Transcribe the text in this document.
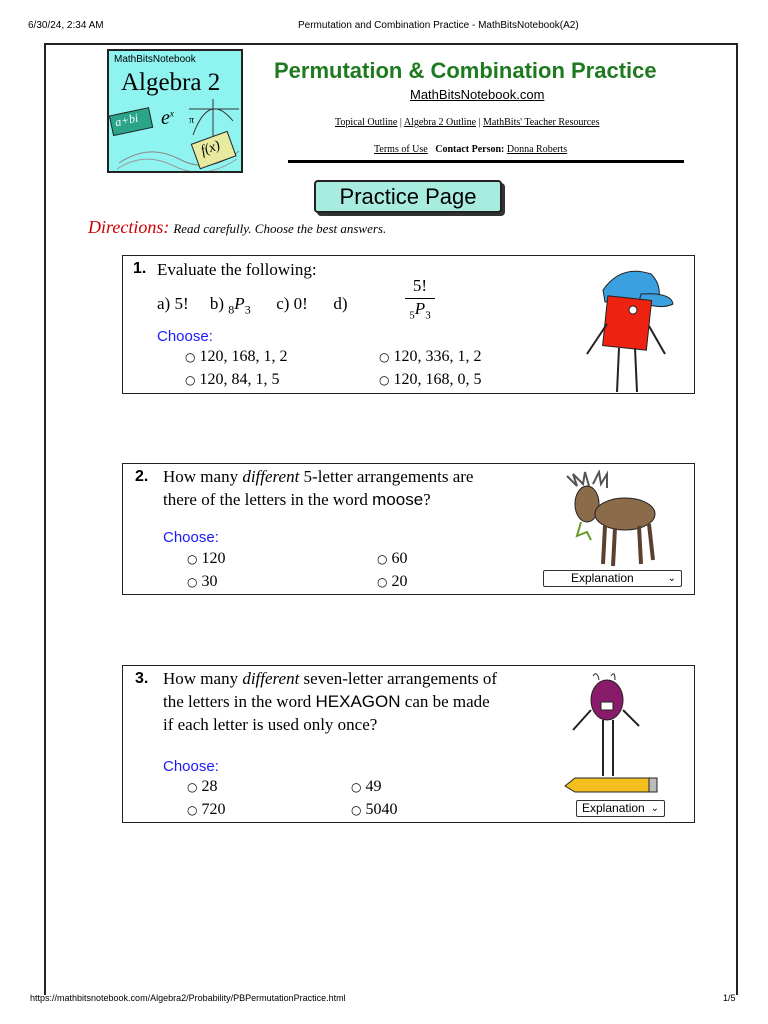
6/30/24, 2:34 AM	Permutation and Combination Practice - MathBitsNotebook(A2)
https://mathbitsnotebook.com/Algebra2/Probability/PBPermutationPractice.html	1/5
MathBitsNotebook
Algebra 2
a+bi $e^x$
π
f(x)
Permutation & Combination Practice
MathBitsNotebook.com
Topical Outline | Algebra 2 Outline | MathBits' Teacher Resources
Terms of Use Contact Person: Donna Roberts
Practice Page
Directions: Read carefully. Choose the best answers.
1. Evaluate the following:
a) 5! b) $_8P_3$ c) 0! d)
5!
$_5P_3$
Choose:
○ 120, 168, 1, 2	○ 120, 336, 1, 2
○ 120, 84, 1, 5	○ 120, 168, 0, 5
2. How many different 5-letter arrangements are
there of the letters in the word moose?
Choose:
○ 120	○ 60
○ 30	○ 20	Explanation	⌄
3. How many different seven-letter arrangements of
the letters in the word HEXAGON can be made
if each letter is used only once?
Choose:
○ 28	○ 49
○ 720	○ 5040	Explanation ⌄
